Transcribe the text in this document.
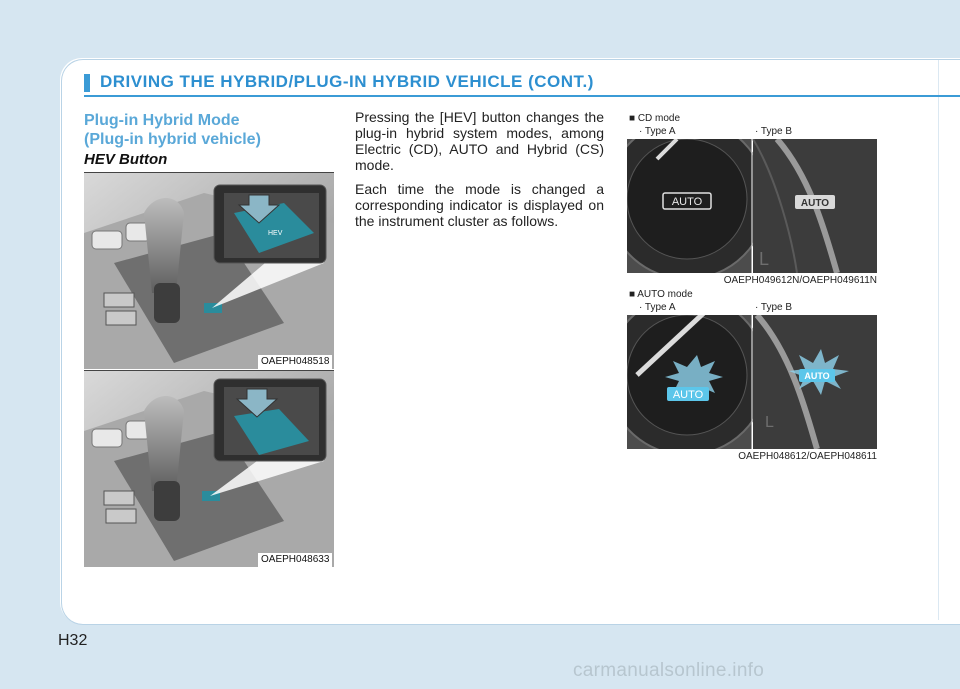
DRIVING THE HYBRID/PLUG-IN HYBRID VEHICLE (CONT.)
Plug-in Hybrid Mode
(Plug-in hybrid vehicle)
HEV Button
HEV
OAEPH048518
OAEPH048633

Pressing the [HEV] button changes the plug-in hybrid system modes, among Electric (CD), AUTO and Hybrid (CS) mode.

Each time the mode is changed a corresponding indicator is displayed on the instrument cluster as follows.

■ CD mode
· Type A	· Type B
AUTO	AUTO
L
OAEPH049612N/OAEPH049611N
■ AUTO mode
· Type A	· Type B
AUTO
AUTO
L
OAEPH048612/OAEPH048611
H32
carmanualsonline.info
